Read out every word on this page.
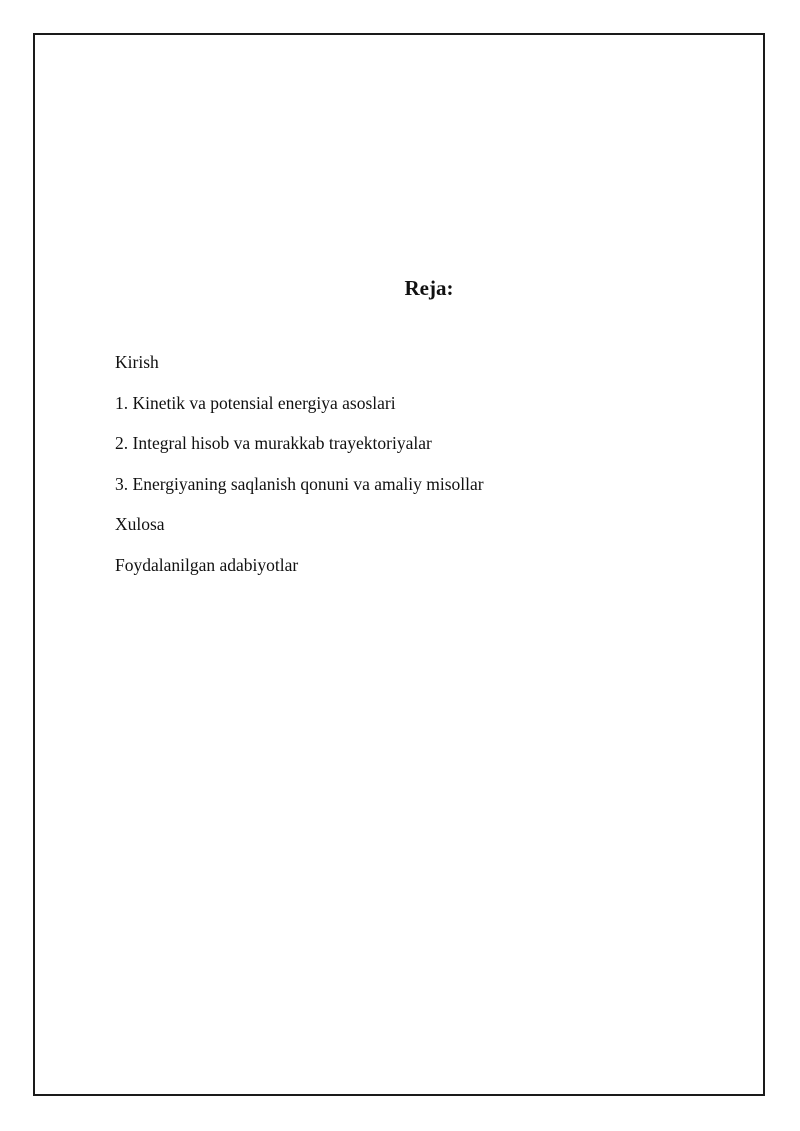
Reja:
Kirish
1. Kinetik va potensial energiya asoslari
2. Integral hisob va murakkab trayektoriyalar
3. Energiyaning saqlanish qonuni va amaliy misollar
Xulosa
Foydalanilgan adabiyotlar
